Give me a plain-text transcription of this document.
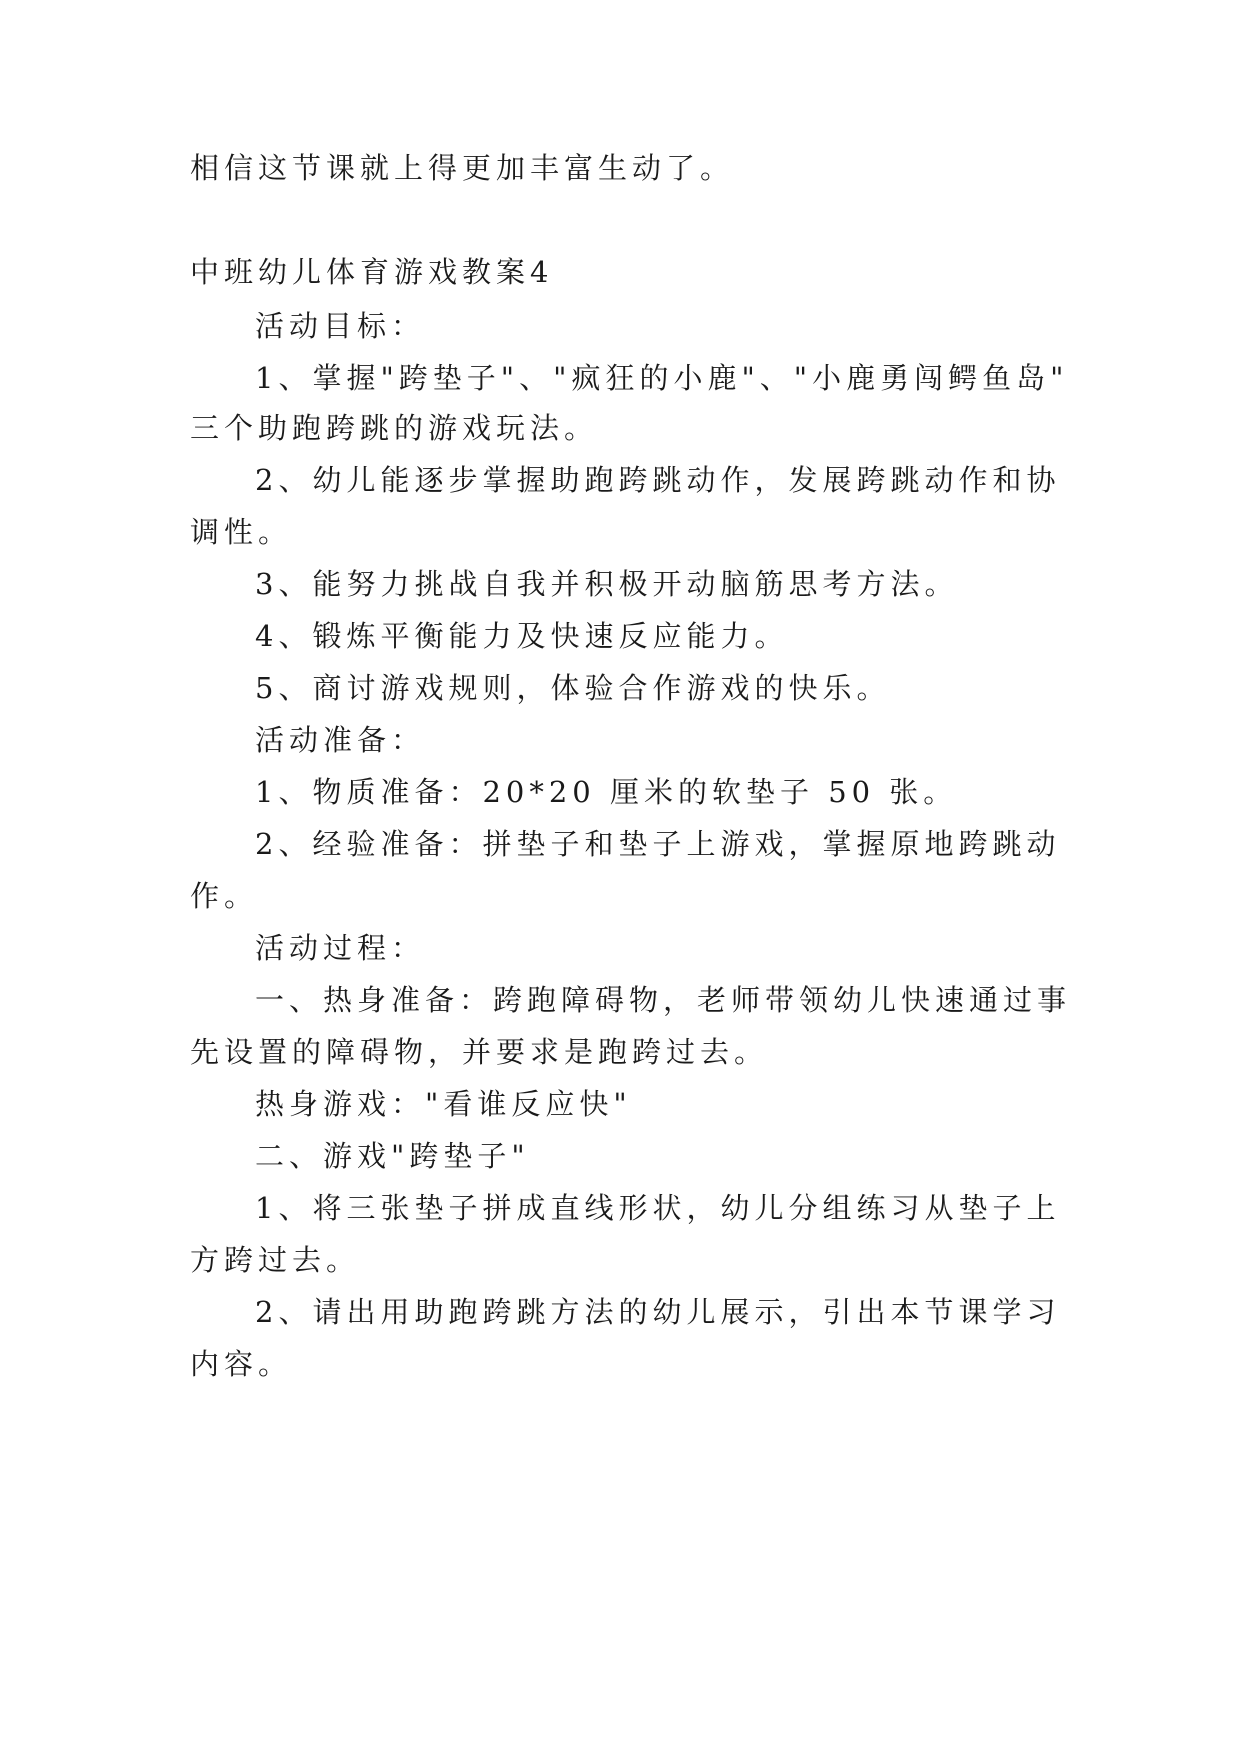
相信这节课就上得更加丰富生动了。
中班幼儿体育游戏教案4
活动目标：
1、掌握"跨垫子"、"疯狂的小鹿"、"小鹿勇闯鳄鱼岛"
三个助跑跨跳的游戏玩法。
2、幼儿能逐步掌握助跑跨跳动作，发展跨跳动作和协
调性。
3、能努力挑战自我并积极开动脑筋思考方法。
4、锻炼平衡能力及快速反应能力。
5、商讨游戏规则，体验合作游戏的快乐。
活动准备：
1、物质准备：20*20 厘米的软垫子 50 张。
2、经验准备：拼垫子和垫子上游戏，掌握原地跨跳动
作。
活动过程：
一、热身准备：跨跑障碍物，老师带领幼儿快速通过事
先设置的障碍物，并要求是跑跨过去。
热身游戏："看谁反应快"
二、游戏"跨垫子"
1、将三张垫子拼成直线形状，幼儿分组练习从垫子上
方跨过去。
2、请出用助跑跨跳方法的幼儿展示，引出本节课学习
内容。
